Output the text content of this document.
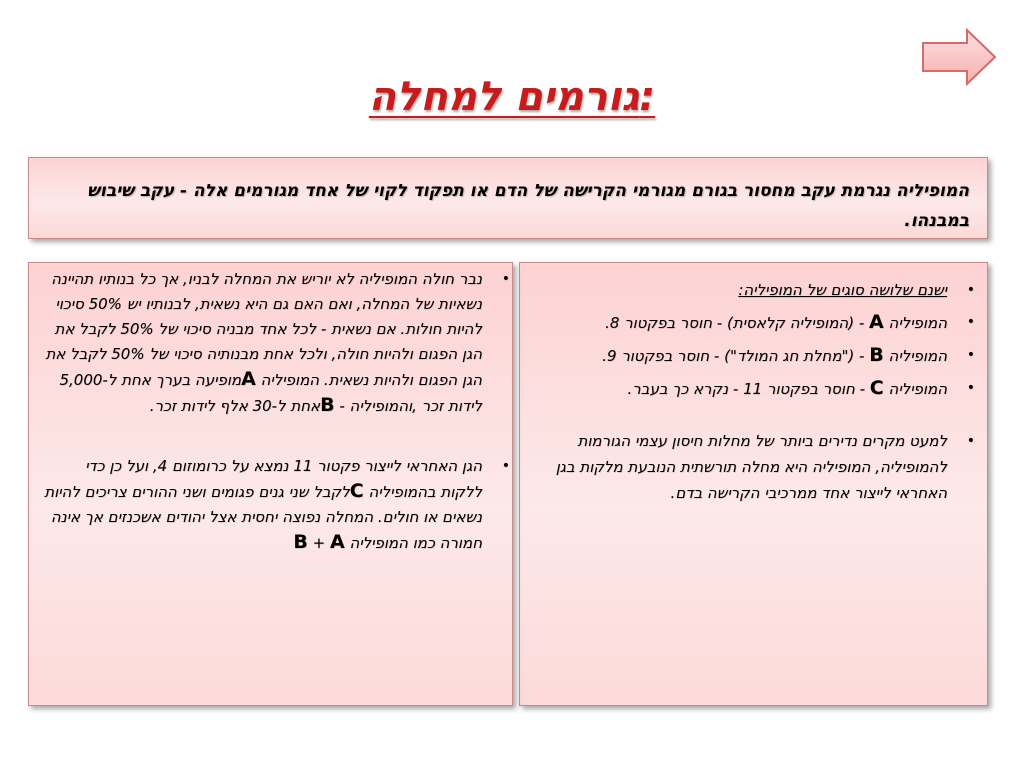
גורמים למחלה:

המופיליה נגרמת עקב מחסור בגורם מגורמי הקרישה של הדם או תפקוד לקוי של אחד מגורמים אלה - עקב שיבוש במבנהו.

•
ישנם שלושה סוגים של המופיליה:
•
המופיליה A - (המופיליה קלאסית) - חוסר בפקטור 8.
•
המופיליה B - ("מחלת חג המולד") - חוסר בפקטור 9.
•
המופיליה C - חוסר בפקטור 11 - נקרא כך בעבר.
•
למעט מקרים נדירים ביותר של מחלות חיסון עצמי הגורמות להמופיליה, המופיליה היא מחלה תורשתית הנובעת מלקות בגן האחראי לייצור אחד ממרכיבי הקרישה בדם.
•
נבר חולה המופיליה לא יוריש את המחלה לבניו, אך כל בנותיו תהיינה נשאיות של המחלה, ואם האם גם היא נשאית, לבנותיו יש 50% סיכוי להיות חולות. אם נשאית - לכל אחד מבניה סיכוי של 50% לקבל את הגן הפגום ולהיות חולה, ולכל אחת מבנותיה סיכוי של 50% לקבל את הגן הפגום ולהיות נשאית. המופיליה Aמופיעה בערך אחת ל-5,000 לידות זכר ,והמופיליה - Bאחת ל-30 אלף לידות זכר.
•
הגן האחראי לייצור פקטור 11 נמצא על כרומוזום 4, ועל כן כדי ללקות בהמופיליה Cלקבל שני גנים פגומים ושני ההורים צריכים להיות נשאים או חולים. המחלה נפוצה יחסית אצל יהודים אשכנזים אך אינה חמורה כמו המופיליה B + A
